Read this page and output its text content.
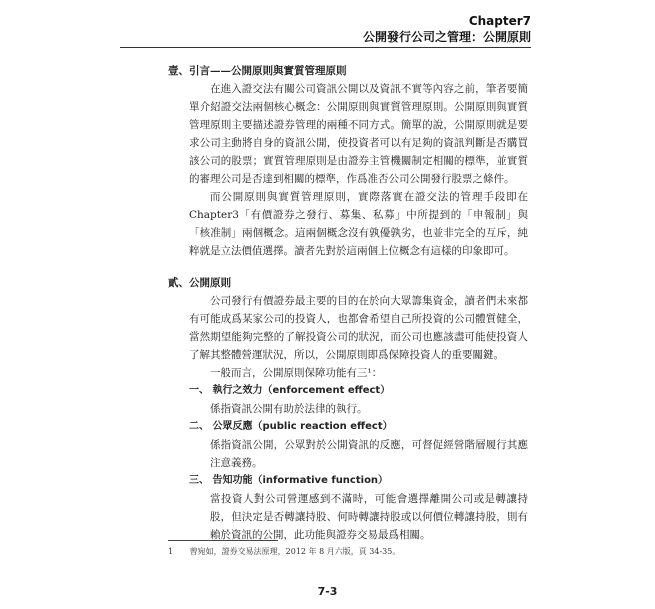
Chapter7
公開發行公司之管理：公開原則

壹、引言——公開原則與實質管理原則

在進入證交法有關公司資訊公開以及資訊不實等內容之前，筆者要簡單介紹證交法兩個核心概念：公開原則與實質管理原則。公開原則與實質管理原則主要描述證券管理的兩種不同方式。簡單的說，公開原則就是要求公司主動將自身的資訊公開，使投資者可以有足夠的資訊判斷是否購買該公司的股票；實質管理原則是由證券主管機關制定相關的標準，並實質的審理公司是否達到相關的標準，作爲准否公司公開發行股票之條件。

而公開原則與實質管理原則，實際落實在證交法的管理手段即在Chapter3「有價證券之發行、募集、私募」中所提到的「申報制」與「核准制」兩個概念。這兩個概念沒有孰優孰劣，也並非完全的互斥，純粹就是立法價值選擇。讀者先對於這兩個上位概念有這樣的印象即可。

貳、公開原則

公司發行有價證券最主要的目的在於向大眾籌集資金，讀者們未來都有可能成爲某家公司的投資人，也都會希望自己所投資的公司體質健全，當然期望能夠完整的了解投資公司的狀況，而公司也應該盡可能使投資人了解其整體營運狀況，所以，公開原則即爲保障投資人的重要關鍵。

一般而言，公開原則保障功能有三¹：

一、 執行之效力（enforcement effect）

係指資訊公開有助於法律的執行。

二、 公眾反應（public reaction effect）

係指資訊公開，公眾對於公開資訊的反應，可督促經營階層履行其應注意義務。

三、 告知功能（informative function）

當投資人對公司營運感到不滿時，可能會選擇離開公司或是轉讓持股，但決定是否轉讓持股、何時轉讓持股或以何價位轉讓持股，則有賴於資訊的公開，此功能與證券交易最爲相關。

1 曾宛如，證券交易法原理，2012 年 8 月六版，頁 34-35。
7-3
